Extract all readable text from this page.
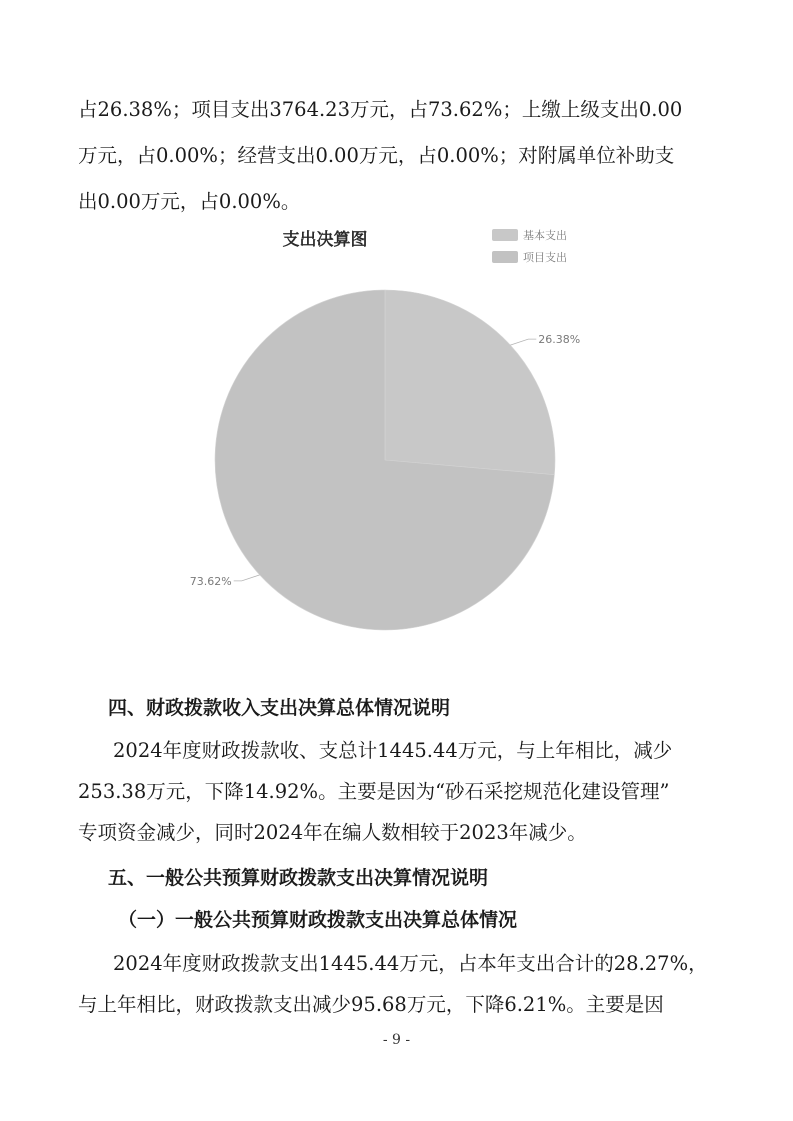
占26.38%；项目支出3764.23万元，占73.62%；上缴上级支出0.00

万元，占0.00%；经营支出0.00万元，占0.00%；对附属单位补助支

出0.00万元，占0.00%。

支出决算图	基本支出
项目支出
26.38%
73.62%

四、财政拨款收入支出决算总体情况说明

2024年度财政拨款收、支总计1445.44万元，与上年相比，减少

253.38万元，下降14.92%。主要是因为“砂石采挖规范化建设管理”

专项资金减少，同时2024年在编人数相较于2023年减少。

五、一般公共预算财政拨款支出决算情况说明

（一）一般公共预算财政拨款支出决算总体情况

2024年度财政拨款支出1445.44万元，占本年支出合计的28.27%，

与上年相比，财政拨款支出减少95.68万元，下降6.21%。主要是因

- 9 -
